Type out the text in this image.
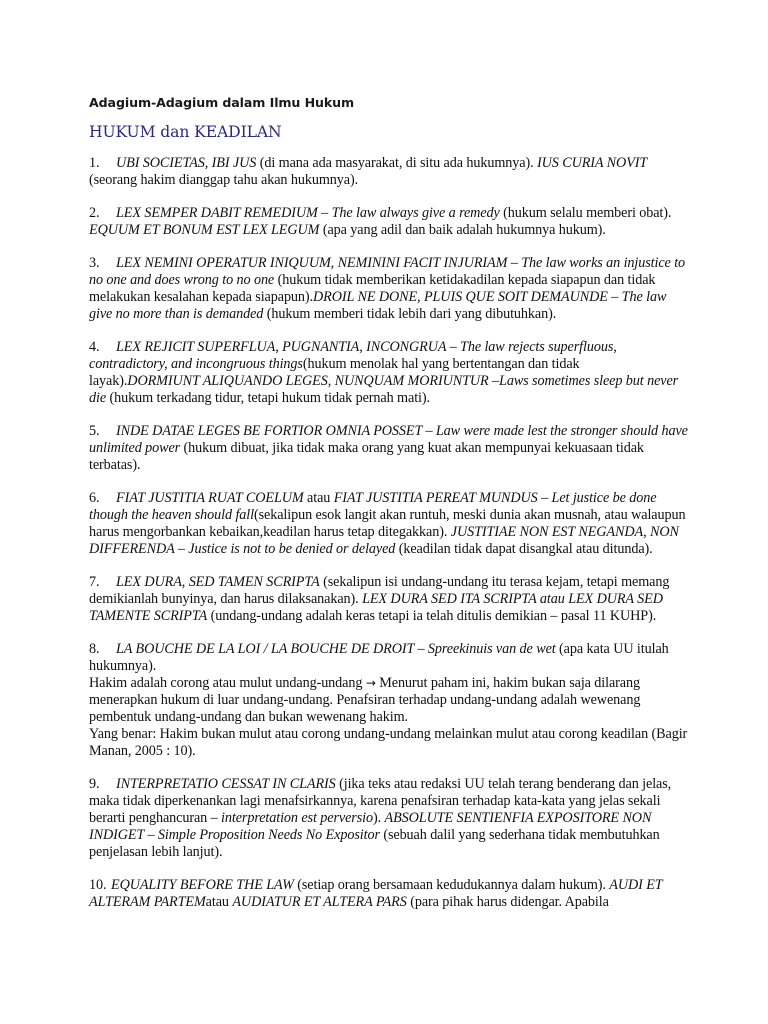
Adagium-Adagium dalam Ilmu Hukum
HUKUM dan KEADILAN

1. UBI SOCIETAS, IBI JUS (di mana ada masyarakat, di situ ada hukumnya). IUS CURIA NOVIT (seorang hakim dianggap tahu akan hukumnya).

2. LEX SEMPER DABIT REMEDIUM – The law always give a remedy (hukum selalu memberi obat). EQUUM ET BONUM EST LEX LEGUM (apa yang adil dan baik adalah hukumnya hukum).

3. LEX NEMINI OPERATUR INIQUUM, NEMININI FACIT INJURIAM – The law works an injustice to no one and does wrong to no one (hukum tidak memberikan ketidakadilan kepada siapapun dan tidak melakukan kesalahan kepada siapapun).DROIL NE DONE, PLUIS QUE SOIT DEMAUNDE – The law give no more than is demanded (hukum memberi tidak lebih dari yang dibutuhkan).

4. LEX REJICIT SUPERFLUA, PUGNANTIA, INCONGRUA – The law rejects superfluous, contradictory, and incongruous things(hukum menolak hal yang bertentangan dan tidak layak).DORMIUNT ALIQUANDO LEGES, NUNQUAM MORIUNTUR –Laws sometimes sleep but never die (hukum terkadang tidur, tetapi hukum tidak pernah mati).

5. INDE DATAE LEGES BE FORTIOR OMNIA POSSET – Law were made lest the stronger should have unlimited power (hukum dibuat, jika tidak maka orang yang kuat akan mempunyai kekuasaan tidak terbatas).

6. FIAT JUSTITIA RUAT COELUM atau FIAT JUSTITIA PEREAT MUNDUS – Let justice be done though the heaven should fall(sekalipun esok langit akan runtuh, meski dunia akan musnah, atau walaupun harus mengorbankan kebaikan,keadilan harus tetap ditegakkan). JUSTITIAE NON EST NEGANDA, NON DIFFERENDA – Justice is not to be denied or delayed (keadilan tidak dapat disangkal atau ditunda).

7. LEX DURA, SED TAMEN SCRIPTA (sekalipun isi undang-undang itu terasa kejam, tetapi memang demikianlah bunyinya, dan harus dilaksanakan). LEX DURA SED ITA SCRIPTA atau LEX DURA SED TAMENTE SCRIPTA (undang-undang adalah keras tetapi ia telah ditulis demikian – pasal 11 KUHP).

8. LA BOUCHE DE LA LOI / LA BOUCHE DE DROIT – Spreekinuis van de wet (apa kata UU itulah hukumnya).

Hakim adalah corong atau mulut undang-undang → Menurut paham ini, hakim bukan saja dilarang menerapkan hukum di luar undang-undang. Penafsiran terhadap undang-undang adalah wewenang pembentuk undang-undang dan bukan wewenang hakim.

Yang benar: Hakim bukan mulut atau corong undang-undang melainkan mulut atau corong keadilan (Bagir Manan, 2005 : 10).

9. INTERPRETATIO CESSAT IN CLARIS (jika teks atau redaksi UU telah terang benderang dan jelas, maka tidak diperkenankan lagi menafsirkannya, karena penafsiran terhadap kata-kata yang jelas sekali berarti penghancuran – interpretation est perversio). ABSOLUTE SENTIENFIA EXPOSITORE NON INDIGET – Simple Proposition Needs No Expositor (sebuah dalil yang sederhana tidak membutuhkan penjelasan lebih lanjut).

10. EQUALITY BEFORE THE LAW (setiap orang bersamaan kedudukannya dalam hukum). AUDI ET ALTERAM PARTEMatau AUDIATUR ET ALTERA PARS (para pihak harus didengar. Apabila
